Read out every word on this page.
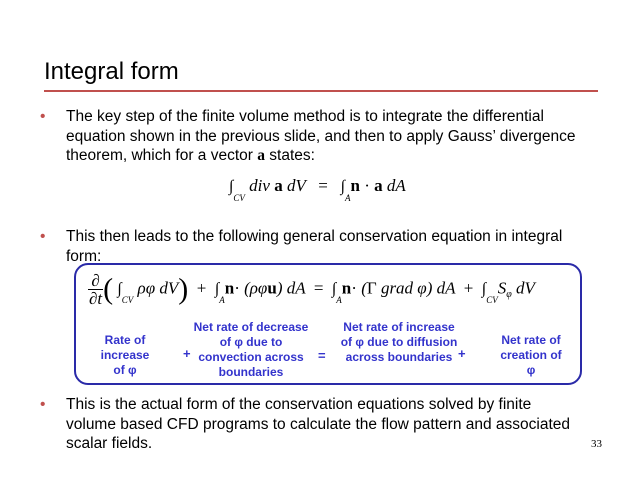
Integral form
• The key step of the finite volume method is to integrate the differential equation shown in the previous slide, and then to apply Gauss’ divergence theorem, which for a vector a states:
$\int_{CV}$ div a dV = $\int_An \cdot a$ dA
• This then leads to the following general conservation equation in integral form:
∂
∂t( $\int_{CV}$ ρφ $dV) + \int_An\cdot (\rho\varphi u)$ dA  = $\int_An\cdot (\Gamma$ grad φ) dA  + $\int_{CV}S_\varphi$ dV
Rate of increase of φ
+
Net rate of decrease of φ due to convection across boundaries
=
Net rate of increase of φ due to diffusion across boundaries +
Net rate of creation of φ
• This is the actual form of the conservation equations solved by finite volume based CFD programs to calculate the flow pattern and associated scalar fields.	33
